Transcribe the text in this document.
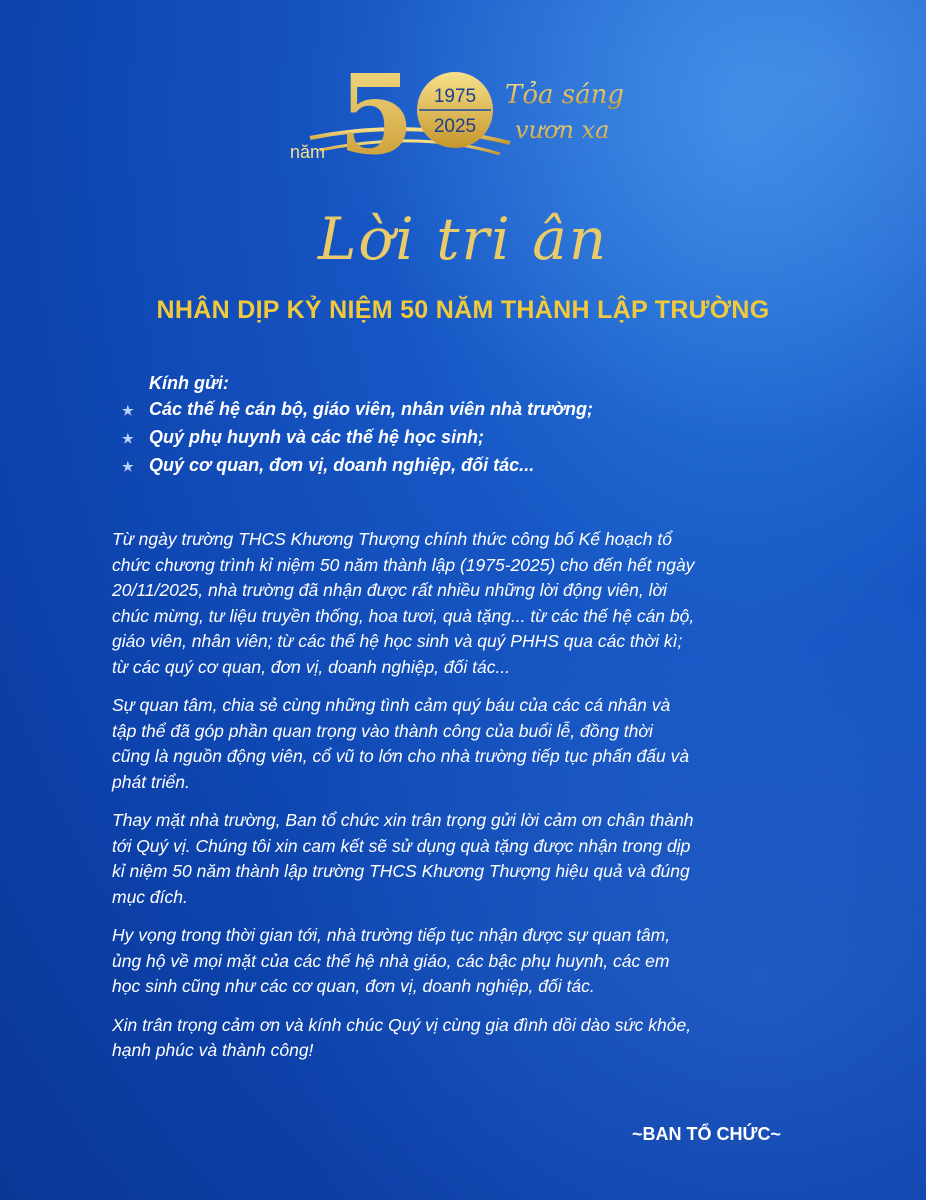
năm 5 1975
2025
Tỏa sáng
vươn xa
Lời tri ân
NHÂN DỊP KỶ NIỆM 50 NĂM THÀNH LẬP TRƯỜNG
Kính gửi:
★ Các thế hệ cán bộ, giáo viên, nhân viên nhà trường;
★ Quý phụ huynh và các thế hệ học sinh;
★ Quý cơ quan, đơn vị, doanh nghiệp, đối tác...

Từ ngày trường THCS Khương Thượng chính thức công bố Kế hoạch tổ
chức chương trình kỉ niệm 50 năm thành lập (1975-2025) cho đến hết ngày
20/11/2025, nhà trường đã nhận được rất nhiều những lời động viên, lời
chúc mừng, tư liệu truyền thống, hoa tươi, quà tặng... từ các thế hệ cán bộ,
giáo viên, nhân viên; từ các thế hệ học sinh và quý PHHS qua các thời kì;
từ các quý cơ quan, đơn vị, doanh nghiệp, đối tác...

Sự quan tâm, chia sẻ cùng những tình cảm quý báu của các cá nhân và
tập thể đã góp phần quan trọng vào thành công của buổi lễ, đồng thời
cũng là nguồn động viên, cổ vũ to lớn cho nhà trường tiếp tục phấn đấu và
phát triển.

Thay mặt nhà trường, Ban tổ chức xin trân trọng gửi lời cảm ơn chân thành
tới Quý vị. Chúng tôi xin cam kết sẽ sử dụng quà tặng được nhận trong dịp
kỉ niệm 50 năm thành lập trường THCS Khương Thượng hiệu quả và đúng
mục đích.

Hy vọng trong thời gian tới, nhà trường tiếp tục nhận được sự quan tâm,
ủng hộ về mọi mặt của các thế hệ nhà giáo, các bậc phụ huynh, các em
học sinh cũng như các cơ quan, đơn vị, doanh nghiệp, đối tác.

Xin trân trọng cảm ơn và kính chúc Quý vị cùng gia đình dồi dào sức khỏe,
hạnh phúc và thành công!

~BAN TỔ CHỨC~
